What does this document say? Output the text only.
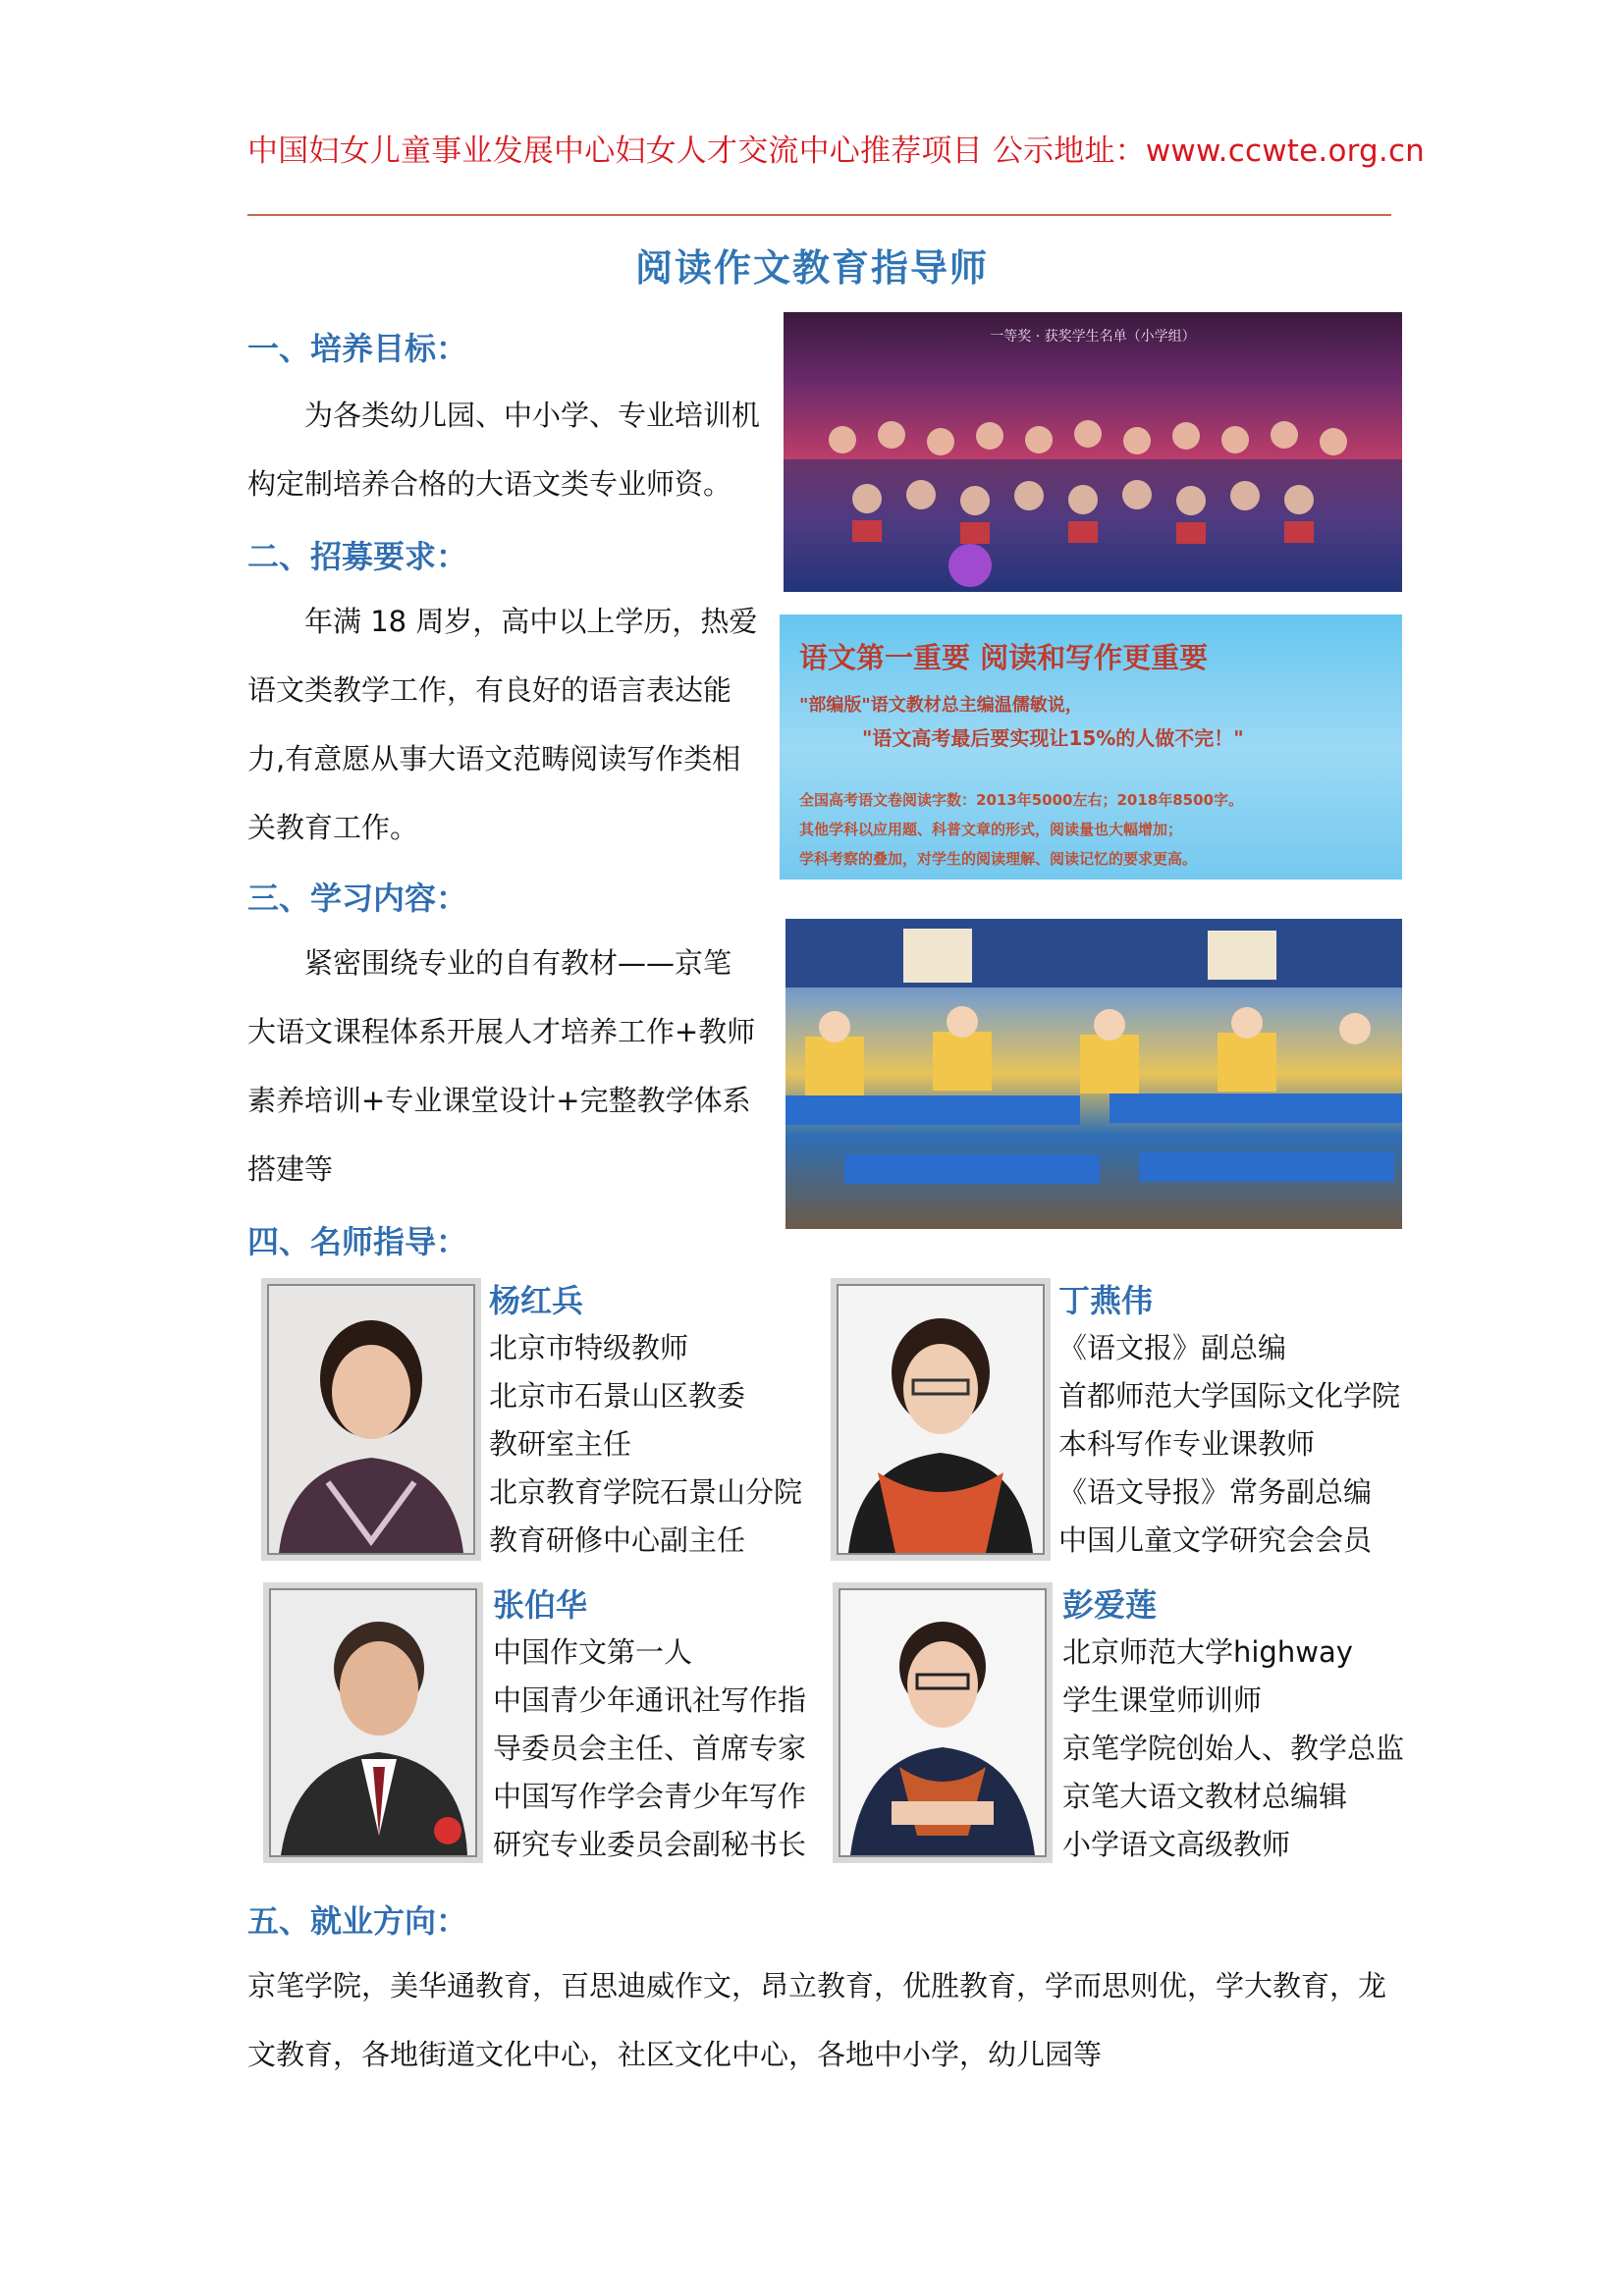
中国妇女儿童事业发展中心妇女人才交流中心推荐项目 公示地址：www.ccwte.org.cn
阅读作文教育指导师
一、培养目标：

为各类幼儿园、中小学、专业培训机

构定制培养合格的大语文类专业师资。

二、招募要求：

年满 18 周岁，高中以上学历，热爱

语文类教学工作，有良好的语言表达能

力,有意愿从事大语文范畴阅读写作类相

关教育工作。

三、学习内容：

紧密围绕专业的自有教材——京笔

大语文课程体系开展人才培养工作+教师

素养培训+专业课堂设计+完整教学体系

搭建等

一等奖 · 获奖学生名单（小学组）
语文第一重要 阅读和写作更重要
"部编版"语文教材总主编温儒敏说，
"语文高考最后要实现让15%的人做不完！"
全国高考语文卷阅读字数：2013年5000左右；2018年8500字。
其他学科以应用题、科普文章的形式，阅读量也大幅增加；
学科考察的叠加，对学生的阅读理解、阅读记忆的要求更高。
四、名师指导：
杨红兵
北京市特级教师
北京市石景山区教委
教研室主任
北京教育学院石景山分院
教育研修中心副主任
丁燕伟
《语文报》副总编
首都师范大学国际文化学院
本科写作专业课教师
《语文导报》常务副总编
中国儿童文学研究会会员
张伯华
中国作文第一人
中国青少年通讯社写作指
导委员会主任、首席专家
中国写作学会青少年写作
研究专业委员会副秘书长
彭爱莲
北京师范大学highway
学生课堂师训师
京笔学院创始人、教学总监
京笔大语文教材总编辑
小学语文高级教师
五、就业方向：
京笔学院，美华通教育，百思迪威作文，昂立教育，优胜教育，学而思则优，学大教育，龙
文教育，各地街道文化中心，社区文化中心，各地中小学，幼儿园等
